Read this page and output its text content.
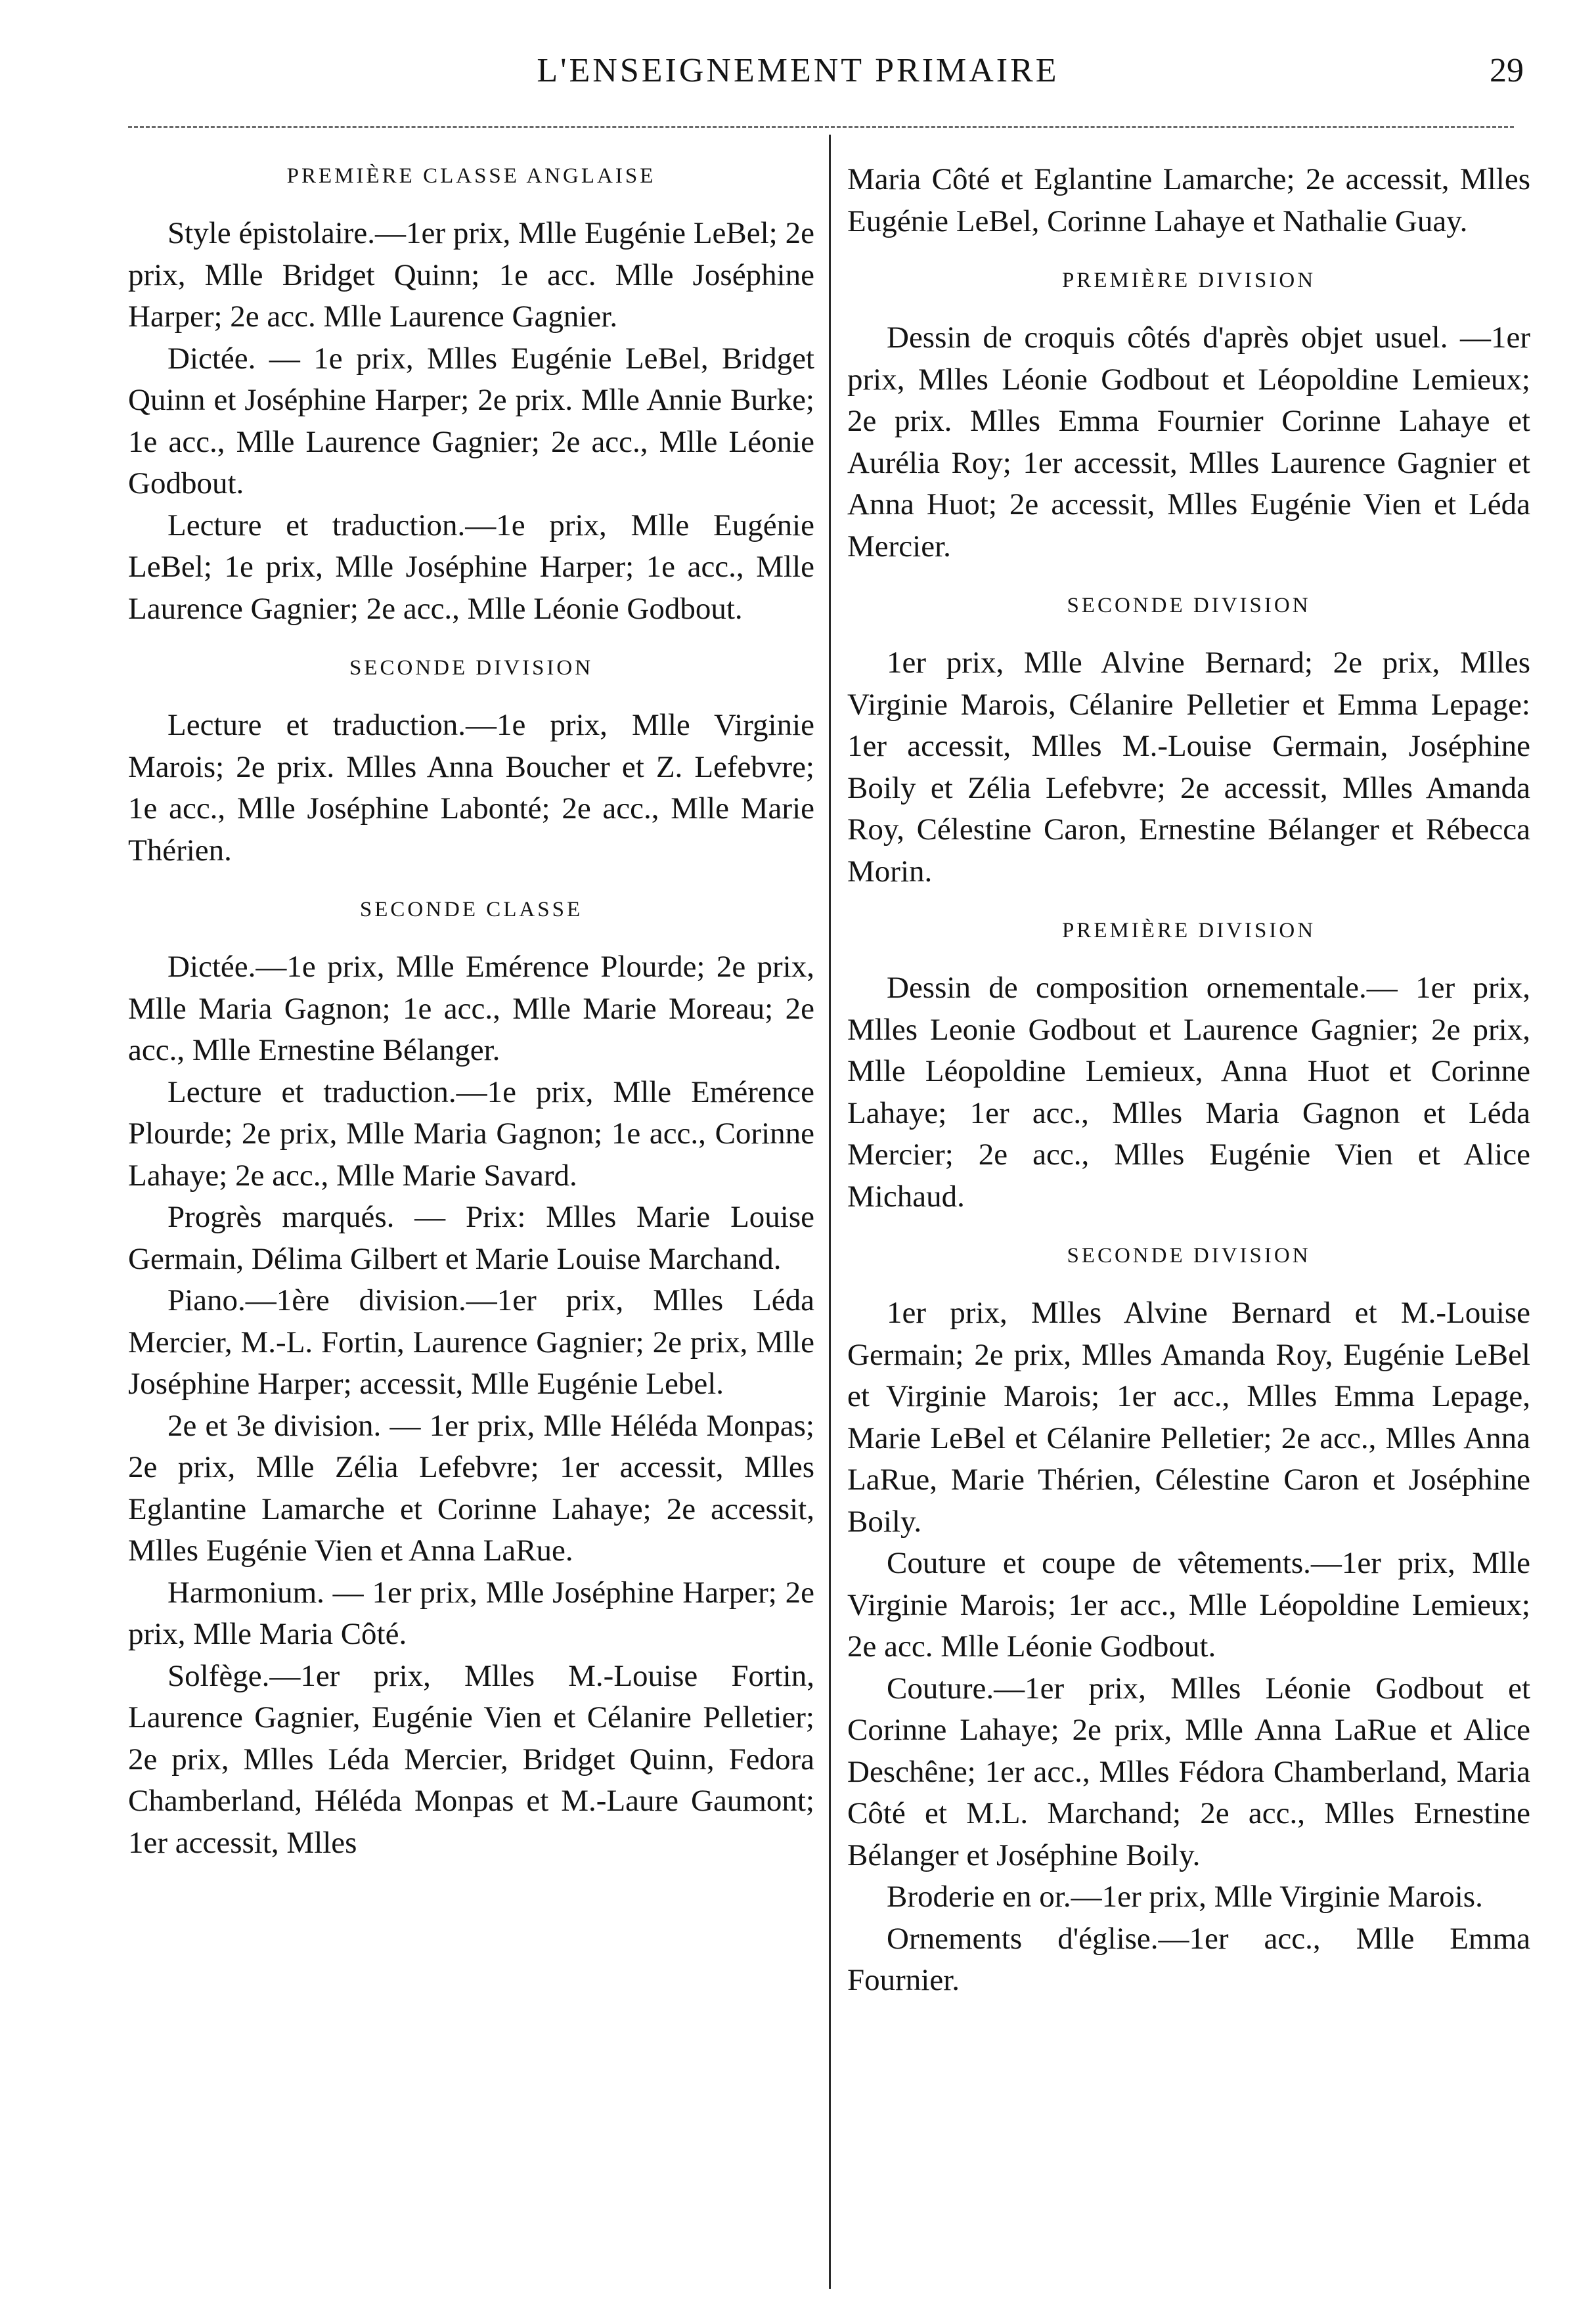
L'ENSEIGNEMENT PRIMAIRE	29
PREMIÈRE CLASSE ANGLAISE

Style épistolaire.—1er prix, Mlle Eugénie LeBel; 2e prix, Mlle Bridget Quinn; 1e acc. Mlle Joséphine Harper; 2e acc. Mlle Laurence Gagnier.

Dictée. — 1e prix, Mlles Eugénie LeBel, Bridget Quinn et Joséphine Harper; 2e prix. Mlle Annie Burke; 1e acc., Mlle Laurence Gagnier; 2e acc., Mlle Léonie Godbout.

Lecture et traduction.—1e prix, Mlle Eugénie LeBel; 1e prix, Mlle Joséphine Harper; 1e acc., Mlle Laurence Gagnier; 2e acc., Mlle Léonie Godbout.

SECONDE DIVISION

Lecture et traduction.—1e prix, Mlle Virginie Marois; 2e prix. Mlles Anna Boucher et Z. Lefebvre; 1e acc., Mlle Joséphine Labonté; 2e acc., Mlle Marie Thérien.

SECONDE CLASSE

Dictée.—1e prix, Mlle Emérence Plourde; 2e prix, Mlle Maria Gagnon; 1e acc., Mlle Marie Moreau; 2e acc., Mlle Ernestine Bélanger.

Lecture et traduction.—1e prix, Mlle Emérence Plourde; 2e prix, Mlle Maria Gagnon; 1e acc., Corinne Lahaye; 2e acc., Mlle Marie Savard.

Progrès marqués. — Prix: Mlles Marie Louise Germain, Délima Gilbert et Marie Louise Marchand.

Piano.—1ère division.—1er prix, Mlles Léda Mercier, M.-L. Fortin, Laurence Gagnier; 2e prix, Mlle Joséphine Harper; accessit, Mlle Eugénie Lebel.

2e et 3e division. — 1er prix, Mlle Héléda Monpas; 2e prix, Mlle Zélia Lefebvre; 1er accessit, Mlles Eglantine Lamarche et Corinne Lahaye; 2e accessit, Mlles Eugénie Vien et Anna LaRue.

Harmonium. — 1er prix, Mlle Joséphine Harper; 2e prix, Mlle Maria Côté.

Solfège.—1er prix, Mlles M.-Louise Fortin, Laurence Gagnier, Eugénie Vien et Célanire Pelletier; 2e prix, Mlles Léda Mercier, Bridget Quinn, Fedora Chamberland, Héléda Monpas et M.-Laure Gaumont; 1er accessit, Mlles

Maria Côté et Eglantine Lamarche; 2e accessit, Mlles Eugénie LeBel, Corinne Lahaye et Nathalie Guay.

PREMIÈRE DIVISION

Dessin de croquis côtés d'après objet usuel. —1er prix, Mlles Léonie Godbout et Léopoldine Lemieux; 2e prix. Mlles Emma Fournier Corinne Lahaye et Aurélia Roy; 1er accessit, Mlles Laurence Gagnier et Anna Huot; 2e accessit, Mlles Eugénie Vien et Léda Mercier.

SECONDE DIVISION

1er prix, Mlle Alvine Bernard; 2e prix, Mlles Virginie Marois, Célanire Pelletier et Emma Lepage: 1er accessit, Mlles M.-Louise Germain, Joséphine Boily et Zélia Lefebvre; 2e accessit, Mlles Amanda Roy, Célestine Caron, Ernestine Bélanger et Rébecca Morin.

PREMIÈRE DIVISION

Dessin de composition ornementale.— 1er prix, Mlles Leonie Godbout et Laurence Gagnier; 2e prix, Mlle Léopoldine Lemieux, Anna Huot et Corinne Lahaye; 1er acc., Mlles Maria Gagnon et Léda Mercier; 2e acc., Mlles Eugénie Vien et Alice Michaud.

SECONDE DIVISION

1er prix, Mlles Alvine Bernard et M.-Louise Germain; 2e prix, Mlles Amanda Roy, Eugénie LeBel et Virginie Marois; 1er acc., Mlles Emma Lepage, Marie LeBel et Célanire Pelletier; 2e acc., Mlles Anna LaRue, Marie Thérien, Célestine Caron et Joséphine Boily.

Couture et coupe de vêtements.—1er prix, Mlle Virginie Marois; 1er acc., Mlle Léopoldine Lemieux; 2e acc. Mlle Léonie Godbout.

Couture.—1er prix, Mlles Léonie Godbout et Corinne Lahaye; 2e prix, Mlle Anna LaRue et Alice Deschêne; 1er acc., Mlles Fédora Chamberland, Maria Côté et M.L. Marchand; 2e acc., Mlles Ernestine Bélanger et Joséphine Boily.

Broderie en or.—1er prix, Mlle Virginie Marois.

Ornements d'église.—1er acc., Mlle Emma Fournier.
